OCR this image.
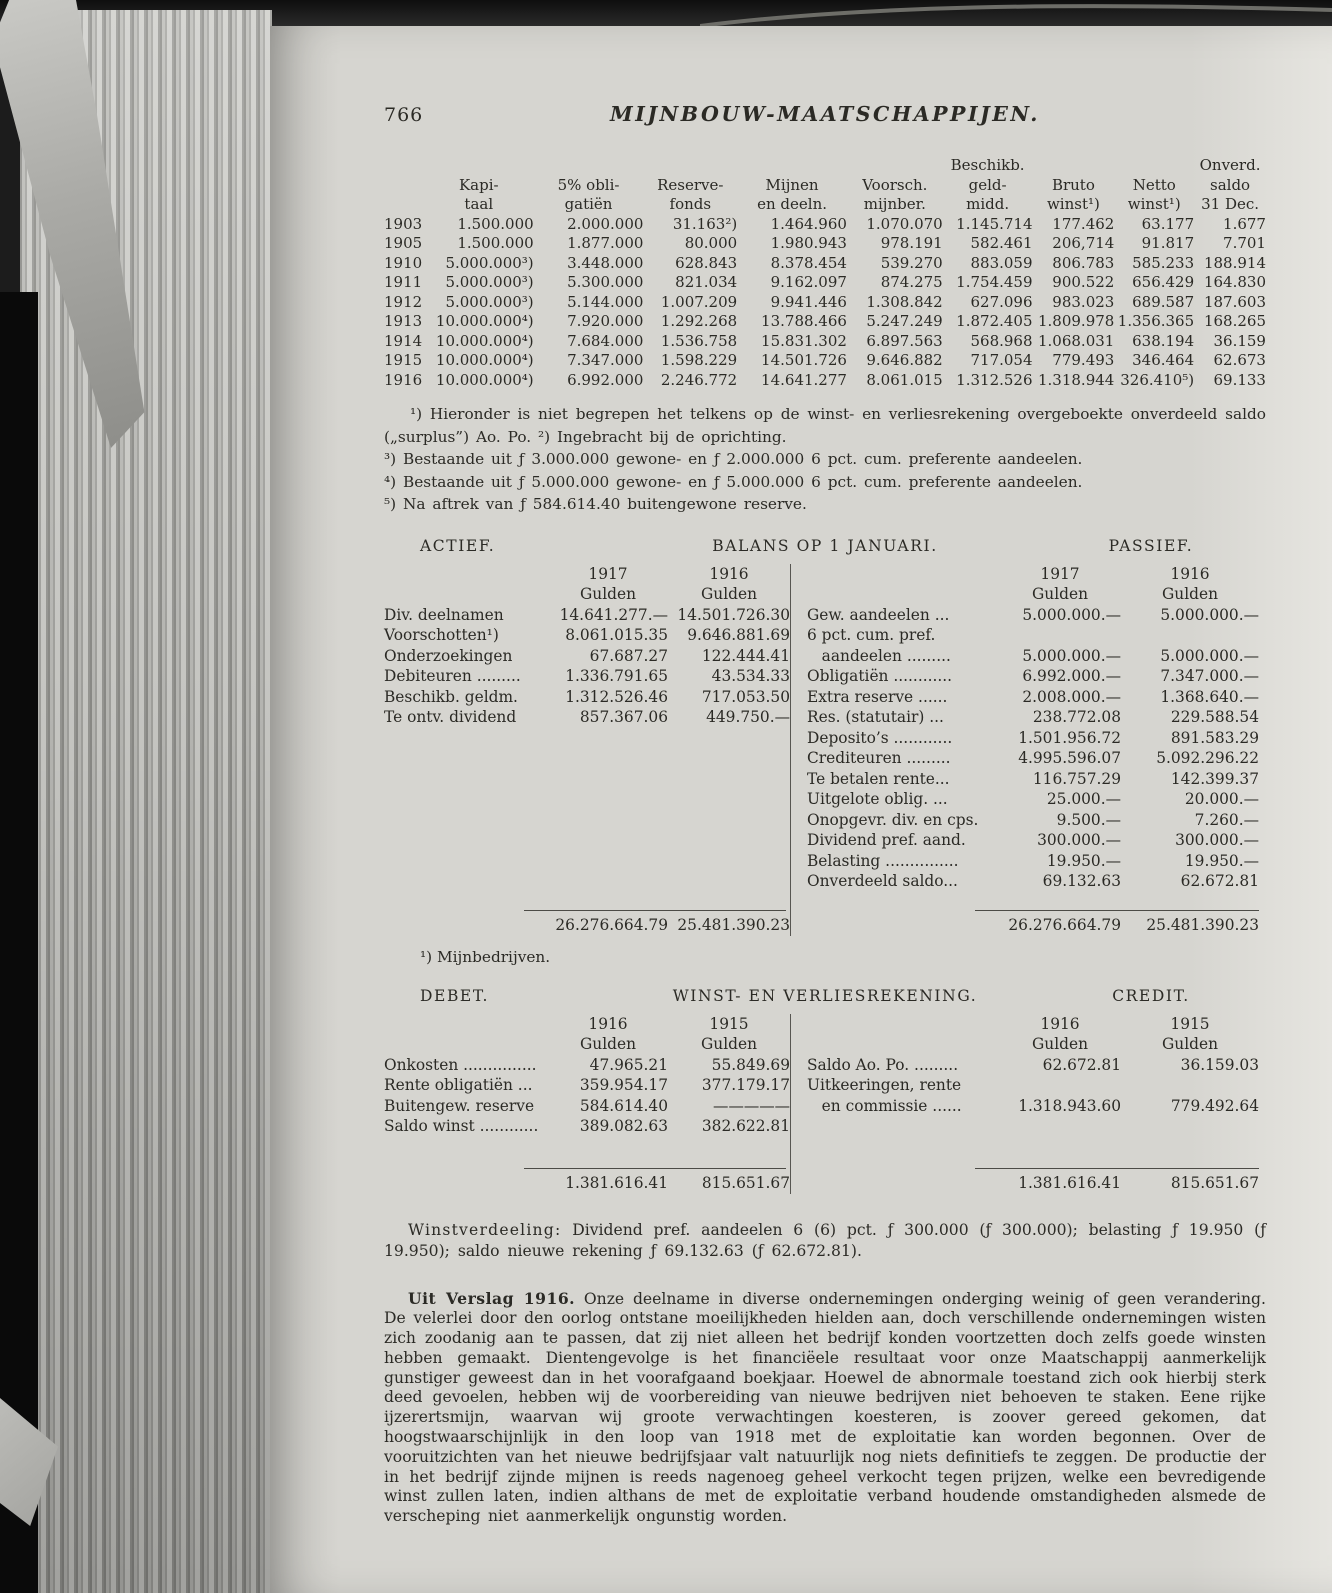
766	MIJNBOUW-MAATSCHAPPIJEN.
Beschikb.	Onverd.
Kapi-	5% obli-	Reserve-	Mijnen	Voorsch.	geld-	Bruto	Netto	saldo
taal	gatiën	fonds	en deeln.	mijnber.	midd.	winst¹)	winst¹)	31 Dec.
1903	1.500.000	2.000.000	31.163²)	1.464.960	1.070.070 1.145.714	177.462	63.177	1.677
1905	1.500.000	1.877.000	80.000	1.980.943	978.191	582.461	206,714	91.817	7.701
1910	5.000.000³)	3.448.000	628.843	8.378.454	539.270	883.059	806.783	585.233 188.914
1911	5.000.000³)	5.300.000	821.034	9.162.097	874.275 1.754.459	900.522	656.429 164.830
1912	5.000.000³)	5.144.000	1.007.209	9.941.446	1.308.842	627.096	983.023	689.587 187.603
1913 10.000.000⁴)	7.920.000	1.292.268	13.788.466	5.247.249 1.872.405 1.809.978 1.356.365 168.265
1914 10.000.000⁴)	7.684.000	1.536.758	15.831.302	6.897.563	568.968 1.068.031	638.194	36.159
1915 10.000.000⁴)	7.347.000	1.598.229	14.501.726	9.646.882	717.054	779.493	346.464	62.673
1916 10.000.000⁴)	6.992.000	2.246.772	14.641.277	8.061.015 1.312.526 1.318.944 326.410⁵)	69.133

¹) Hieronder is niet begrepen het telkens op de winst- en verliesrekening overgeboekte onverdeeld saldo („surplus”) Ao. Po. ²) Ingebracht bij de oprichting.

³) Bestaande uit ƒ 3.000.000 gewone- en ƒ 2.000.000 6 pct. cum. preferente aandeelen.

⁴) Bestaande uit ƒ 5.000.000 gewone- en ƒ 5.000.000 6 pct. cum. preferente aandeelen.

⁵) Na aftrek van ƒ 584.614.40 buitengewone reserve.

ACTIEF.	BALANS OP 1 JANUARI.	PASSIEF.
1917	1916
Gulden	Gulden
Div. deelnamen	14.641.277.— 14.501.726.30
Voorschotten¹)	8.061.015.35	9.646.881.69
Onderzoekingen	67.687.27	122.444.41
Debiteuren .........	1.336.791.65	43.534.33
Beschikb. geldm.	1.312.526.46	717.053.50
Te ontv. dividend	857.367.06	449.750.—
26.276.664.79 25.481.390.23
1917	1916
Gulden	Gulden
Gew. aandeelen ...	5.000.000.—	5.000.000.—
6 pct. cum. pref.
aandeelen .........	5.000.000.—	5.000.000.—
Obligatiën ............	6.992.000.—	7.347.000.—
Extra reserve ......	2.008.000.—	1.368.640.—
Res. (statutair) ...	238.772.08	229.588.54
Deposito’s ............	1.501.956.72	891.583.29
Crediteuren .........	4.995.596.07	5.092.296.22
Te betalen rente...	116.757.29	142.399.37
Uitgelote oblig. ...	25.000.—	20.000.—
Onopgevr. div. en cps.	9.500.—	7.260.—
Dividend pref. aand.	300.000.—	300.000.—
Belasting ...............	19.950.—	19.950.—
Onverdeeld saldo...	69.132.63	62.672.81
26.276.664.79	25.481.390.23

¹) Mijnbedrijven.

DEBET.	WINST- EN VERLIESREKENING.	CREDIT.
1916	1915
Gulden	Gulden
Onkosten ...............	47.965.21	55.849.69
Rente obligatiën ...	359.954.17	377.179.17
Buitengew. reserve	584.614.40	—————
Saldo winst ............	389.082.63	382.622.81
1.381.616.41	815.651.67
1916	1915
Gulden	Gulden
Saldo Ao. Po. .........	62.672.81	36.159.03
Uitkeeringen, rente
en commissie ......	1.318.943.60	779.492.64
1.381.616.41	815.651.67

Winstverdeeling: Dividend pref. aandeelen 6 (6) pct. ƒ 300.000 (ƒ 300.000); belasting ƒ 19.950 (ƒ 19.950); saldo nieuwe rekening ƒ 69.132.63 (ƒ 62.672.81).

Uit Verslag 1916. Onze deelname in diverse ondernemingen onderging weinig of geen verandering. De velerlei door den oorlog ontstane moeilijkheden hielden aan, doch verschillende ondernemingen wisten zich zoodanig aan te passen, dat zij niet alleen het bedrijf konden voortzetten doch zelfs goede winsten hebben gemaakt. Dientengevolge is het financiëele resultaat voor onze Maatschappij aanmerkelijk gunstiger geweest dan in het voorafgaand boekjaar. Hoewel de abnormale toestand zich ook hierbij sterk deed gevoelen, hebben wij de voorbereiding van nieuwe bedrijven niet behoeven te staken. Eene rijke ijzerertsmijn, waarvan wij groote verwachtingen koesteren, is zoover gereed gekomen, dat hoogstwaarschijnlijk in den loop van 1918 met de exploitatie kan worden begonnen. Over de vooruitzichten van het nieuwe bedrijfsjaar valt natuurlijk nog niets definitiefs te zeggen. De productie der in het bedrijf zijnde mijnen is reeds nagenoeg geheel verkocht tegen prijzen, welke een bevredigende winst zullen laten, indien althans de met de exploitatie verband houdende omstandigheden alsmede de verscheping niet aanmerkelijk ongunstig worden.
